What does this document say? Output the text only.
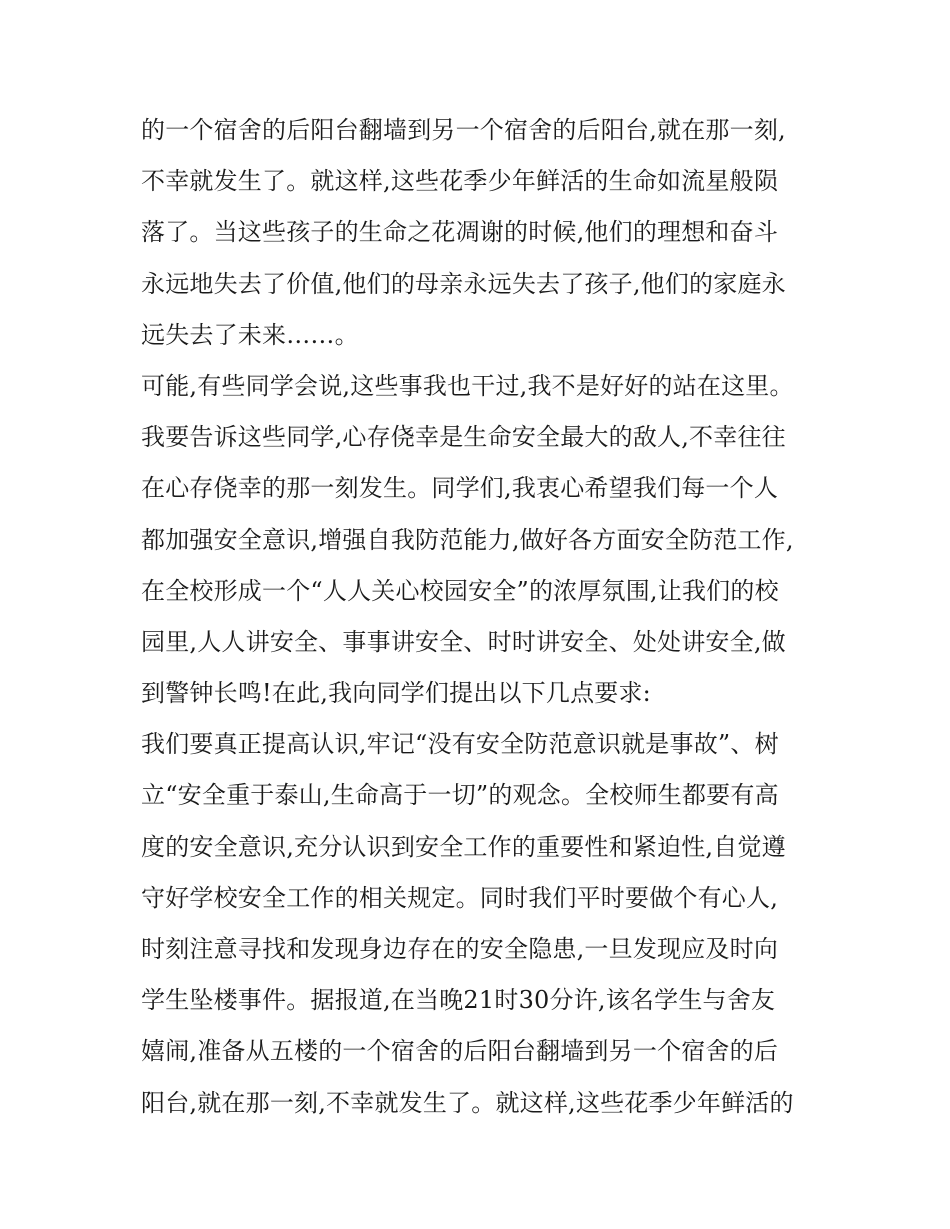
的一个宿舍的后阳台翻墙到另一个宿舍的后阳台,就在那一刻,
不幸就发生了。就这样,这些花季少年鲜活的生命如流星般陨
落了。当这些孩子的生命之花凋谢的时候,他们的理想和奋斗
永远地失去了价值,他们的母亲永远失去了孩子,他们的家庭永
远失去了未来……。
可能,有些同学会说,这些事我也干过,我不是好好的站在这里。
我要告诉这些同学,心存侥幸是生命安全最大的敌人,不幸往往
在心存侥幸的那一刻发生。同学们,我衷心希望我们每一个人
都加强安全意识,增强自我防范能力,做好各方面安全防范工作,
在全校形成一个“人人关心校园安全”的浓厚氛围,让我们的校
园里,人人讲安全、事事讲安全、时时讲安全、处处讲安全,做
到警钟长鸣!在此,我向同学们提出以下几点要求:
我们要真正提高认识,牢记“没有安全防范意识就是事故”、树
立“安全重于泰山,生命高于一切”的观念。全校师生都要有高
度的安全意识,充分认识到安全工作的重要性和紧迫性,自觉遵
守好学校安全工作的相关规定。同时我们平时要做个有心人,
时刻注意寻找和发现身边存在的安全隐患,一旦发现应及时向
学生坠楼事件。据报道,在当晚21时30分许,该名学生与舍友
嬉闹,准备从五楼的一个宿舍的后阳台翻墙到另一个宿舍的后
阳台,就在那一刻,不幸就发生了。就这样,这些花季少年鲜活的
